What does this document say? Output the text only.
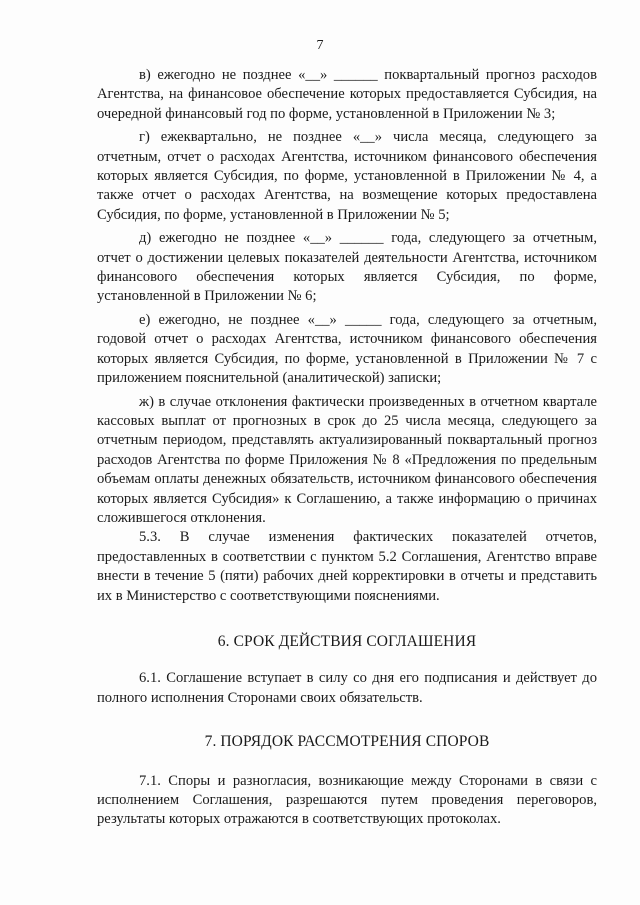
7

в) ежегодно не позднее «__» ______ поквартальный прогноз расходов Агентства, на финансовое обеспечение которых предоставляется Субсидия, на очередной финансовый год по форме, установленной в Приложении № 3;

г) ежеквартально, не позднее «__» числа месяца, следующего за отчетным, отчет о расходах Агентства, источником финансового обеспечения которых является Субсидия, по форме, установленной в Приложении № 4, а также отчет о расходах Агентства, на возмещение которых предоставлена Субсидия, по форме, установленной в Приложении № 5;

д) ежегодно не позднее «__» ______ года, следующего за отчетным, отчет о достижении целевых показателей деятельности Агентства, источником финансового обеспечения которых является Субсидия, по форме, установленной в Приложении № 6;

е) ежегодно, не позднее «__» _____ года, следующего за отчетным, годовой отчет о расходах Агентства, источником финансового обеспечения которых является Субсидия, по форме, установленной в Приложении № 7 с приложением пояснительной (аналитической) записки;

ж) в случае отклонения фактически произведенных в отчетном квартале кассовых выплат от прогнозных в срок до 25 числа месяца, следующего за отчетным периодом, представлять актуализированный поквартальный прогноз расходов Агентства по форме Приложения № 8 «Предложения по предельным объемам оплаты денежных обязательств, источником финансового обеспечения которых является Субсидия» к Соглашению, а также информацию о причинах сложившегося отклонения.

5.3. В случае изменения фактических показателей отчетов, предоставленных в соответствии с пунктом 5.2 Соглашения, Агентство вправе внести в течение 5 (пяти) рабочих дней корректировки в отчеты и представить их в Министерство с соответствующими пояснениями.

6. СРОК ДЕЙСТВИЯ СОГЛАШЕНИЯ

6.1. Соглашение вступает в силу со дня его подписания и действует до полного исполнения Сторонами своих обязательств.

7. ПОРЯДОК РАССМОТРЕНИЯ СПОРОВ

7.1. Споры и разногласия, возникающие между Сторонами в связи с исполнением Соглашения, разрешаются путем проведения переговоров, результаты которых отражаются в соответствующих протоколах.
